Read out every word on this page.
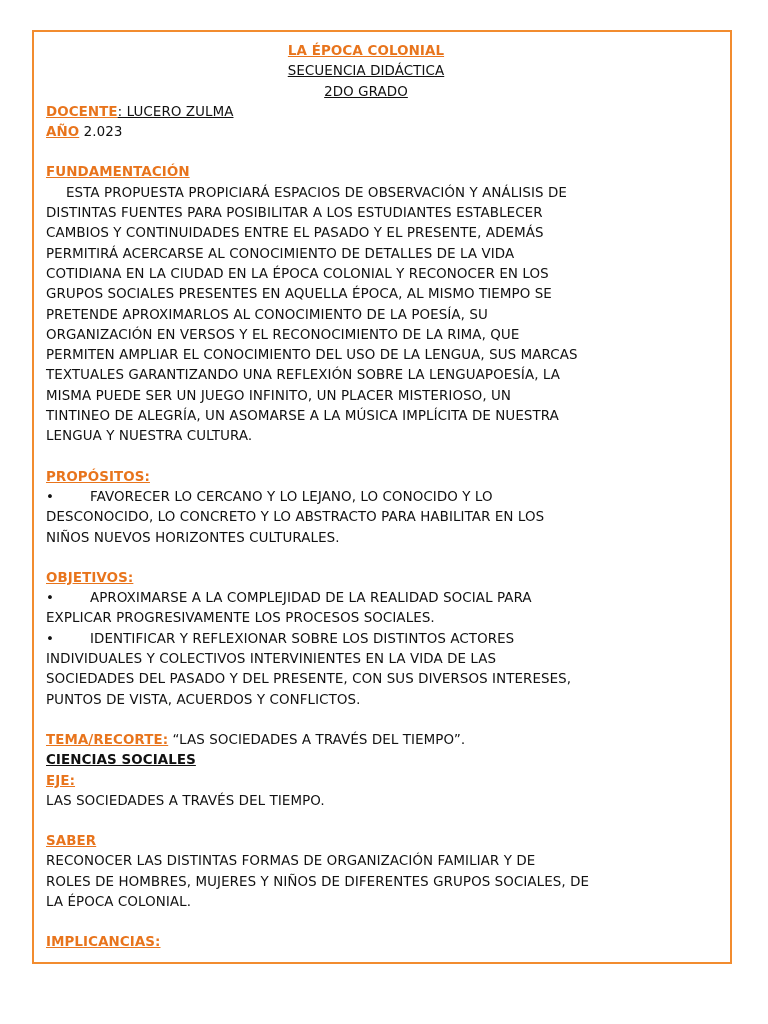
LA ÉPOCA COLONIAL

SECUENCIA DIDÁCTICA

2DO GRADO

DOCENTE: LUCERO ZULMA

AÑO 2.023

FUNDAMENTACIÓN

ESTA PROPUESTA PROPICIARÁ ESPACIOS DE OBSERVACIÓN Y ANÁLISIS DE

DISTINTAS FUENTES PARA POSIBILITAR A LOS ESTUDIANTES ESTABLECER

CAMBIOS Y CONTINUIDADES ENTRE EL PASADO Y EL PRESENTE, ADEMÁS

PERMITIRÁ ACERCARSE AL CONOCIMIENTO DE DETALLES DE LA VIDA

COTIDIANA EN LA CIUDAD EN LA ÉPOCA COLONIAL Y RECONOCER EN LOS

GRUPOS SOCIALES PRESENTES EN AQUELLA ÉPOCA, AL MISMO TIEMPO SE

PRETENDE APROXIMARLOS AL CONOCIMIENTO DE LA POESÍA, SU

ORGANIZACIÓN EN VERSOS Y EL RECONOCIMIENTO DE LA RIMA, QUE

PERMITEN AMPLIAR EL CONOCIMIENTO DEL USO DE LA LENGUA, SUS MARCAS

TEXTUALES GARANTIZANDO UNA REFLEXIÓN SOBRE LA LENGUAPOESÍA, LA

MISMA PUEDE SER UN JUEGO INFINITO, UN PLACER MISTERIOSO, UN

TINTINEO DE ALEGRÍA, UN ASOMARSE A LA MÚSICA IMPLÍCITA DE NUESTRA

LENGUA Y NUESTRA CULTURA.

PROPÓSITOS:

•	FAVORECER LO CERCANO Y LO LEJANO, LO CONOCIDO Y LO

DESCONOCIDO, LO CONCRETO Y LO ABSTRACTO PARA HABILITAR EN LOS

NIÑOS NUEVOS HORIZONTES CULTURALES.

OBJETIVOS:

•	APROXIMARSE A LA COMPLEJIDAD DE LA REALIDAD SOCIAL PARA

EXPLICAR PROGRESIVAMENTE LOS PROCESOS SOCIALES.

•	IDENTIFICAR Y REFLEXIONAR SOBRE LOS DISTINTOS ACTORES

INDIVIDUALES Y COLECTIVOS INTERVINIENTES EN LA VIDA DE LAS

SOCIEDADES DEL PASADO Y DEL PRESENTE, CON SUS DIVERSOS INTERESES,

PUNTOS DE VISTA, ACUERDOS Y CONFLICTOS.

TEMA/RECORTE: “LAS SOCIEDADES A TRAVÉS DEL TIEMPO”.

CIENCIAS SOCIALES

EJE:

LAS SOCIEDADES A TRAVÉS DEL TIEMPO.

SABER

RECONOCER LAS DISTINTAS FORMAS DE ORGANIZACIÓN FAMILIAR Y DE

ROLES DE HOMBRES, MUJERES Y NIÑOS DE DIFERENTES GRUPOS SOCIALES, DE

LA ÉPOCA COLONIAL.

IMPLICANCIAS:
